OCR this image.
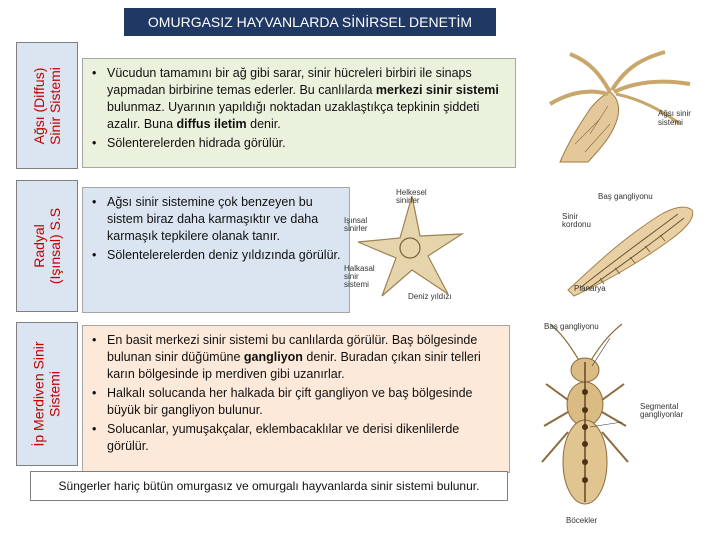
OMURGASIZ HAYVANLARDA SİNİRSEL DENETİM
Ağsı (Diffus) Sinir Sistemi
Radyal (Işınsal) S.S
İp Merdiven Sinir Sistemi
• Vücudun tamamını bir ağ gibi sarar, sinir hücreleri birbiri ile sinaps yapmadan birbirine temas ederler. Bu canlılarda merkezi sinir sistemi bulunmaz. Uyarının yapıldığı noktadan uzaklaştıkça tepkinin şiddeti azalır. Buna diffus iletim denir.
• Sölenterelerden hidrada görülür.
• Ağsı sinir sistemine çok benzeyen bu sistem biraz daha karmaşıktır ve daha karmaşık tepkilere olanak tanır.
• Sölentelerelerden deniz yıldızında görülür.
• En basit merkezi sinir sistemi bu canlılarda görülür. Baş bölgesinde bulunan sinir düğümüne gangliyon denir. Buradan çıkan sinir telleri karın bölgesinde ip merdiven gibi uzanırlar.
• Halkalı solucanda her halkada bir çift gangliyon ve baş bölgesinde büyük bir gangliyon bulunur.
• Solucanlar, yumuşakçalar, eklembacaklılar ve derisi dikenlilerde görülür.
Ağsı sinir
sistemi
Helkesel
sinirler
Işınsal
sinirler
Halkasal
sinir
sistemi
Deniz yıldızı
Baş gangliyonu
Sinir
kordonu
Planarya
Baş gangliyonu
Segmental
gangliyonlar
Böcekler
Süngerler hariç bütün omurgasız ve omurgalı hayvanlarda sinir sistemi bulunur.
